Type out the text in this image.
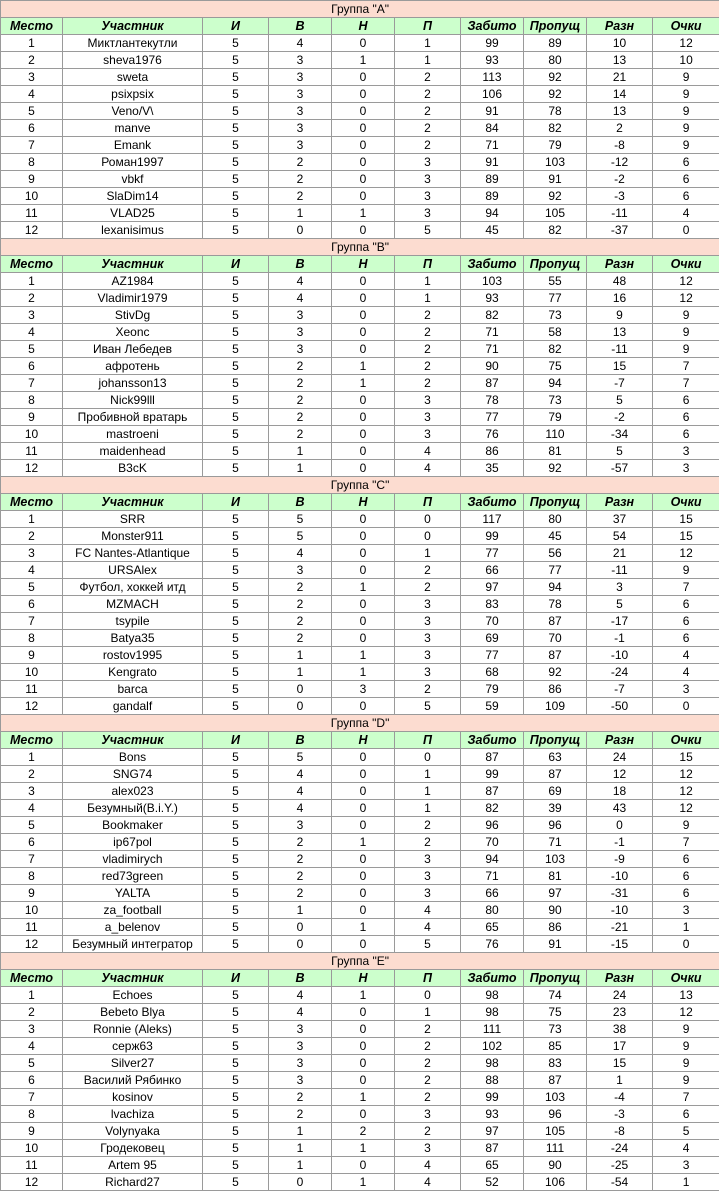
Группа "A"									
Место	Участник	И	В	Н	П	Забито	Пропущ	Разн	Очки
1	Миктлантекутли	5	4	0	1	99	89	10	12
2	sheva1976	5	3	1	1	93	80	13	10
3	sweta	5	3	0	2	113	92	21	9
4	psixpsix	5	3	0	2	106	92	14	9
5	Veno/V\	5	3	0	2	91	78	13	9
6	manve	5	3	0	2	84	82	2	9
7	Emank	5	3	0	2	71	79	-8	9
8	Роман1997	5	2	0	3	91	103	-12	6
9	vbkf	5	2	0	3	89	91	-2	6
10	SlaDim14	5	2	0	3	89	92	-3	6
11	VLAD25	5	1	1	3	94	105	-11	4
12	lexanisimus	5	0	0	5	45	82	-37	0
Группа "B"									
Место	Участник	И	В	Н	П	Забито	Пропущ	Разн	Очки
1	AZ1984	5	4	0	1	103	55	48	12
2	Vladimir1979	5	4	0	1	93	77	16	12
3	StivDg	5	3	0	2	82	73	9	9
4	Xeonc	5	3	0	2	71	58	13	9
5	Иван Лебедев	5	3	0	2	71	82	-11	9
6	афротень	5	2	1	2	90	75	15	7
7	johansson13	5	2	1	2	87	94	-7	7
8	Nick99lll	5	2	0	3	78	73	5	6
9	Пробивной вратарь	5	2	0	3	77	79	-2	6
10	mastroeni	5	2	0	3	76	110	-34	6
11	maidenhead	5	1	0	4	86	81	5	3
12	B3cK	5	1	0	4	35	92	-57	3
Группа "C"									
Место	Участник	И	В	Н	П	Забито	Пропущ	Разн	Очки
1	SRR	5	5	0	0	117	80	37	15
2	Monster911	5	5	0	0	99	45	54	15
3	FC Nantes-Atlantique	5	4	0	1	77	56	21	12
4	URSAlex	5	3	0	2	66	77	-11	9
5	Футбол, хоккей итд	5	2	1	2	97	94	3	7
6	MZMACH	5	2	0	3	83	78	5	6
7	tsypile	5	2	0	3	70	87	-17	6
8	Batya35	5	2	0	3	69	70	-1	6
9	rostov1995	5	1	1	3	77	87	-10	4
10	Kengrato	5	1	1	3	68	92	-24	4
11	barca	5	0	3	2	79	86	-7	3
12	gandalf	5	0	0	5	59	109	-50	0
Группа "D"									
Место	Участник	И	В	Н	П	Забито	Пропущ	Разн	Очки
1	Bons	5	5	0	0	87	63	24	15
2	SNG74	5	4	0	1	99	87	12	12
3	alex023	5	4	0	1	87	69	18	12
4	Безумный(B.i.Y.)	5	4	0	1	82	39	43	12
5	Bookmaker	5	3	0	2	96	96	0	9
6	ip67pol	5	2	1	2	70	71	-1	7
7	vladimirych	5	2	0	3	94	103	-9	6
8	red73green	5	2	0	3	71	81	-10	6
9	YALTA	5	2	0	3	66	97	-31	6
10	za_football	5	1	0	4	80	90	-10	3
11	a_belenov	5	0	1	4	65	86	-21	1
12	Безумный интегратор	5	0	0	5	76	91	-15	0
Группа "E"									
Место	Участник	И	В	Н	П	Забито	Пропущ	Разн	Очки
1	Echoes	5	4	1	0	98	74	24	13
2	Bebeto Blya	5	4	0	1	98	75	23	12
3	Ronnie (Aleks)	5	3	0	2	111	73	38	9
4	серж63	5	3	0	2	102	85	17	9
5	Silver27	5	3	0	2	98	83	15	9
6	Василий Рябинко	5	3	0	2	88	87	1	9
7	kosinov	5	2	1	2	99	103	-4	7
8	lvachiza	5	2	0	3	93	96	-3	6
9	Volynyaka	5	1	2	2	97	105	-8	5
10	Гродековец	5	1	1	3	87	111	-24	4
11	Artem 95	5	1	0	4	65	90	-25	3
12	Richard27	5	0	1	4	52	106	-54	1
